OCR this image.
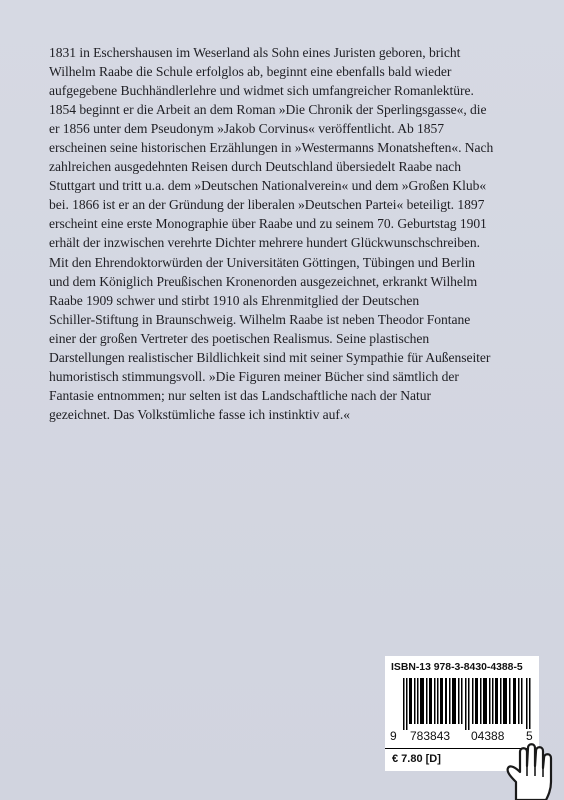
1831 in Eschershausen im Weserland als Sohn eines Juristen geboren, bricht
Wilhelm Raabe die Schule erfolglos ab, beginnt eine ebenfalls bald wieder
aufgegebene Buchhändlerlehre und widmet sich umfangreicher Romanlektüre.
1854 beginnt er die Arbeit an dem Roman »Die Chronik der Sperlingsgasse«, die
er 1856 unter dem Pseudonym »Jakob Corvinus« veröffentlicht. Ab 1857
erscheinen seine historischen Erzählungen in »Westermanns Monatsheften«. Nach
zahlreichen ausgedehnten Reisen durch Deutschland übersiedelt Raabe nach
Stuttgart und tritt u.a. dem »Deutschen Nationalverein« und dem »Großen Klub«
bei. 1866 ist er an der Gründung der liberalen »Deutschen Partei« beteiligt. 1897
erscheint eine erste Monographie über Raabe und zu seinem 70. Geburtstag 1901
erhält der inzwischen verehrte Dichter mehrere hundert Glückwunschschreiben.
Mit den Ehrendoktorwürden der Universitäten Göttingen, Tübingen und Berlin
und dem Königlich Preußischen Kronenorden ausgezeichnet, erkrankt Wilhelm
Raabe 1909 schwer und stirbt 1910 als Ehrenmitglied der Deutschen
Schiller-Stiftung in Braunschweig. Wilhelm Raabe ist neben Theodor Fontane
einer der großen Vertreter des poetischen Realismus. Seine plastischen
Darstellungen realistischer Bildlichkeit sind mit seiner Sympathie für Außenseiter
humoristisch stimmungsvoll. »Die Figuren meiner Bücher sind sämtlich der
Fantasie entnommen; nur selten ist das Landschaftliche nach der Natur
gezeichnet. Das Volkstümliche fasse ich instinktiv auf.«
ISBN-13 978-3-8430-4388-5
9 783843 04388 5
€ 7.80 [D]
